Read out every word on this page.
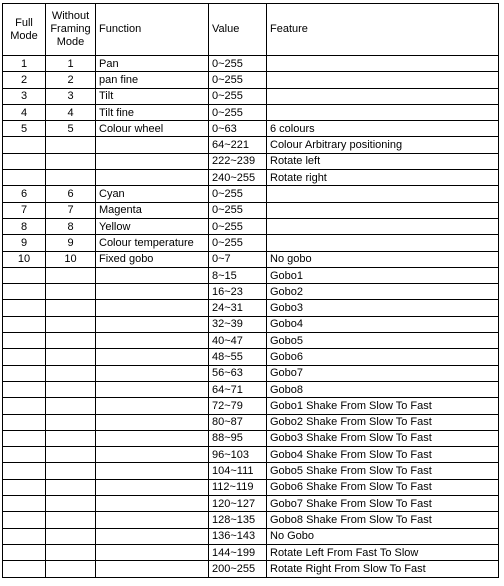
Full Mode	Without Framing Mode	Function	Value	Feature
1	1	Pan	0~255	
2	2	pan fine	0~255	
3	3	Tilt	0~255	
4	4	Tilt fine	0~255	
5	5	Colour wheel	0~63	6 colours
			64~221	Colour Arbitrary positioning
			222~239	Rotate left
			240~255	Rotate right
6	6	Cyan	0~255	
7	7	Magenta	0~255	
8	8	Yellow	0~255	
9	9	Colour temperature	0~255	
10	10	Fixed gobo	0~7	No gobo
			8~15	Gobo1
			16~23	Gobo2
			24~31	Gobo3
			32~39	Gobo4
			40~47	Gobo5
			48~55	Gobo6
			56~63	Gobo7
			64~71	Gobo8
			72~79	Gobo1 Shake From Slow To Fast
			80~87	Gobo2 Shake From Slow To Fast
			88~95	Gobo3 Shake From Slow To Fast
			96~103	Gobo4 Shake From Slow To Fast
			104~111	Gobo5 Shake From Slow To Fast
			112~119	Gobo6 Shake From Slow To Fast
			120~127	Gobo7 Shake From Slow To Fast
			128~135	Gobo8 Shake From Slow To Fast
			136~143	No Gobo
			144~199	Rotate Left From Fast To Slow
			200~255	Rotate Right From Slow To Fast
